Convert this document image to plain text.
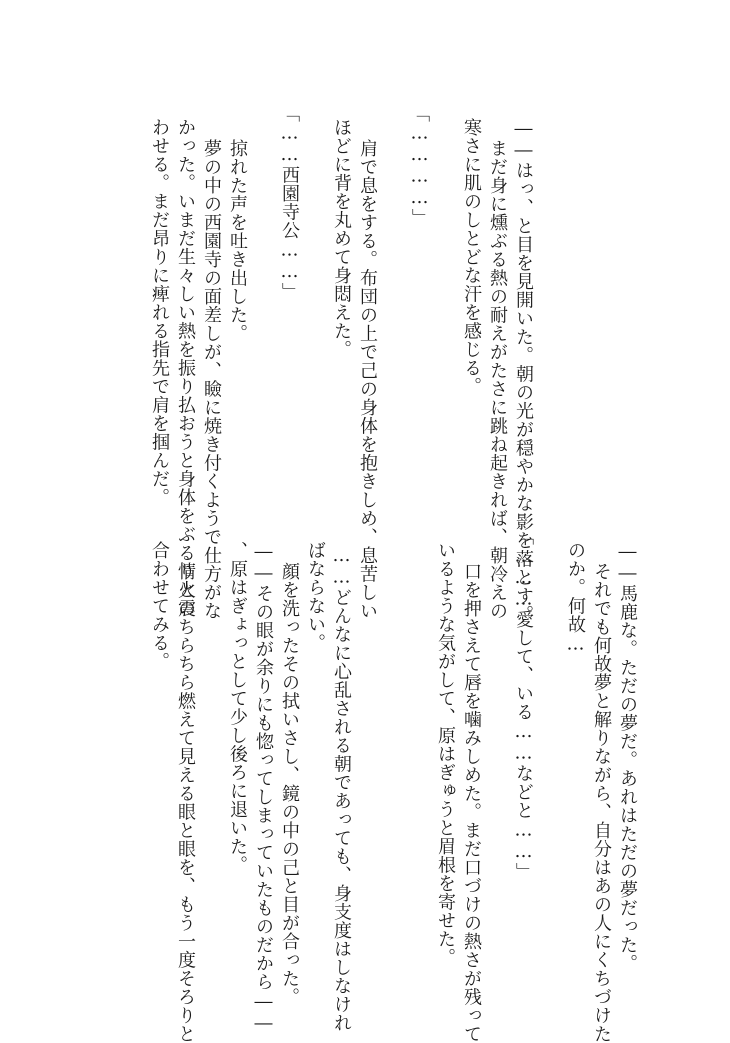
――はっ、と目を見開いた。朝の光が穏やかな影を落とす。
まだ身に燻ぶる熱の耐えがたさに跳ね起きれば、朝冷えの
寒さに肌のしとどな汗を感じる。
「…………」
肩で息をする。布団の上で己の身体を抱きしめ、息苦しい
ほどに背を丸めて身悶えた。
「……西園寺公……」
掠れた声を吐き出した。
夢の中の西園寺の面差しが、瞼に焼き付くようで仕方がな
かった。いまだ生々しい熱を振り払おうと身体をぶるりと震
わせる。まだ昂りに痺れる指先で肩を掴んだ。
――馬鹿な。ただの夢だ。あれはただの夢だった。
それでも何故夢と解りながら、自分はあの人にくちづけた
のか。何故…
「………愛して、いる……などと……」
口を押さえて唇を噛みしめた。まだ口づけの熱さが残って
いるような気がして、原はぎゅうと眉根を寄せた。
……どんなに心乱される朝であっても、身支度はしなけれ
ばならない。
顔を洗ったその拭いさし、鏡の中の己と目が合った。
――その眼が余りにも惚ってしまっていたものだから――
、原はぎょっとして少し後ろに退いた。
情火のちらちら燃えて見える眼と眼を、もう一度そろりと
合わせてみる。
